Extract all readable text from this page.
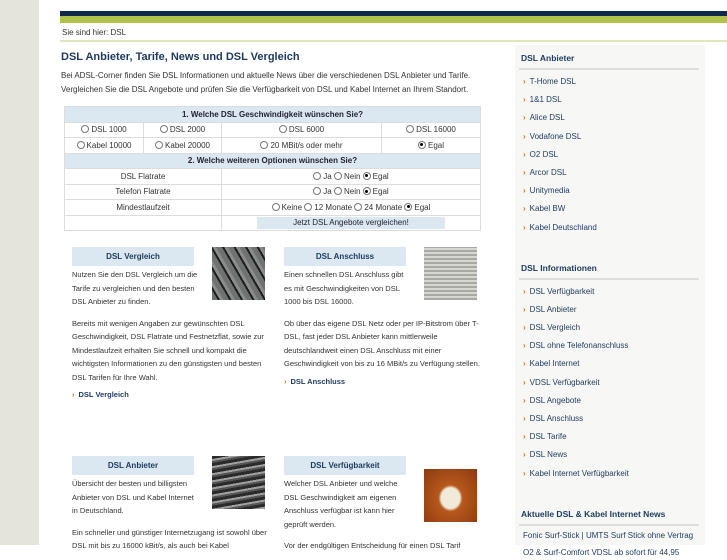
Sie sind hier: DSL
DSL Anbieter, Tarife, News und DSL Vergleich
Bei ADSL-Corner finden Sie DSL Informationen und aktuelle News über die verschiedenen DSL Anbieter und Tarife. Vergleichen Sie die DSL Angebote und prüfen Sie die Verfügbarkeit von DSL und Kabel Internet an Ihrem Standort.
1. Welche DSL Geschwindigkeit wünschen Sie?			
DSL 1000	DSL 2000	DSL 6000	DSL 16000
Kabel 10000	Kabel 20000	20 MBit/s oder mehr	Egal
2. Welche weiteren Optionen wünschen Sie?			
DSL Flatrate		Ja Nein Egal	
Telefon Flatrate		Ja Nein Egal	
Mindestlaufzeit		Keine 12 Monate 24 Monate Egal	
		Jetzt DSL Angebote vergleichen!	
DSL Vergleich
Nutzen Sie den DSL Vergleich um die Tarife zu vergleichen und den besten DSL Anbieter zu finden.
Bereits mit wenigen Angaben zur gewünschten DSL Geschwindigkeit, DSL Flatrate und Festnetzflat, sowie zur Mindestlaufzeit erhalten Sie schnell und kompakt die wichtigsten Informationen zu den günstigsten und besten DSL Tarifen für Ihre Wahl.
› DSL Vergleich
DSL Anschluss
Einen schnellen DSL Anschluss gibt es mit Geschwindigkeiten von DSL 1000 bis DSL 16000.
Ob über das eigene DSL Netz oder per IP-Bitstrom über T-DSL, fast jeder DSL Anbieter kann mittlerweile deutschlandweit einen DSL Anschluss mit einer Geschwindigkeit von bis zu 16 MBit/s zu Verfügung stellen.
› DSL Anschluss
DSL Anbieter
Übersicht der besten und billigsten Anbieter von DSL und Kabel Internet in Deutschland.
Ein schneller und günstiger Internetzugang ist sowohl über DSL mit bis zu 16000 kBit/s, als auch bei Kabel
DSL Verfügbarkeit
Welcher DSL Anbieter und welche DSL Geschwindigkeit am eigenen Anschluss verfügbar ist kann hier geprüft werden.
Vor der endgültigen Entscheidung für einen DSL Tarif
DSL Anbieter
› T-Home DSL
› 1&1 DSL
› Alice DSL
› Vodafone DSL
› O2 DSL
› Arcor DSL
› Unitymedia
› Kabel BW
› Kabel Deutschland
DSL Informationen
› DSL Verfügbarkeit
› DSL Anbieter
› DSL Vergleich
› DSL ohne Telefonanschluss
› Kabel Internet
› VDSL Verfügbarkeit
› DSL Angebote
› DSL Anschluss
› DSL Tarife
› DSL News
› Kabel Internet Verfügbarkeit
Aktuelle DSL & Kabel Internet News
Fonic Surf-Stick | UMTS Surf Stick ohne Vertrag
O2 & Surf-Comfort VDSL ab sofort für 44,95
